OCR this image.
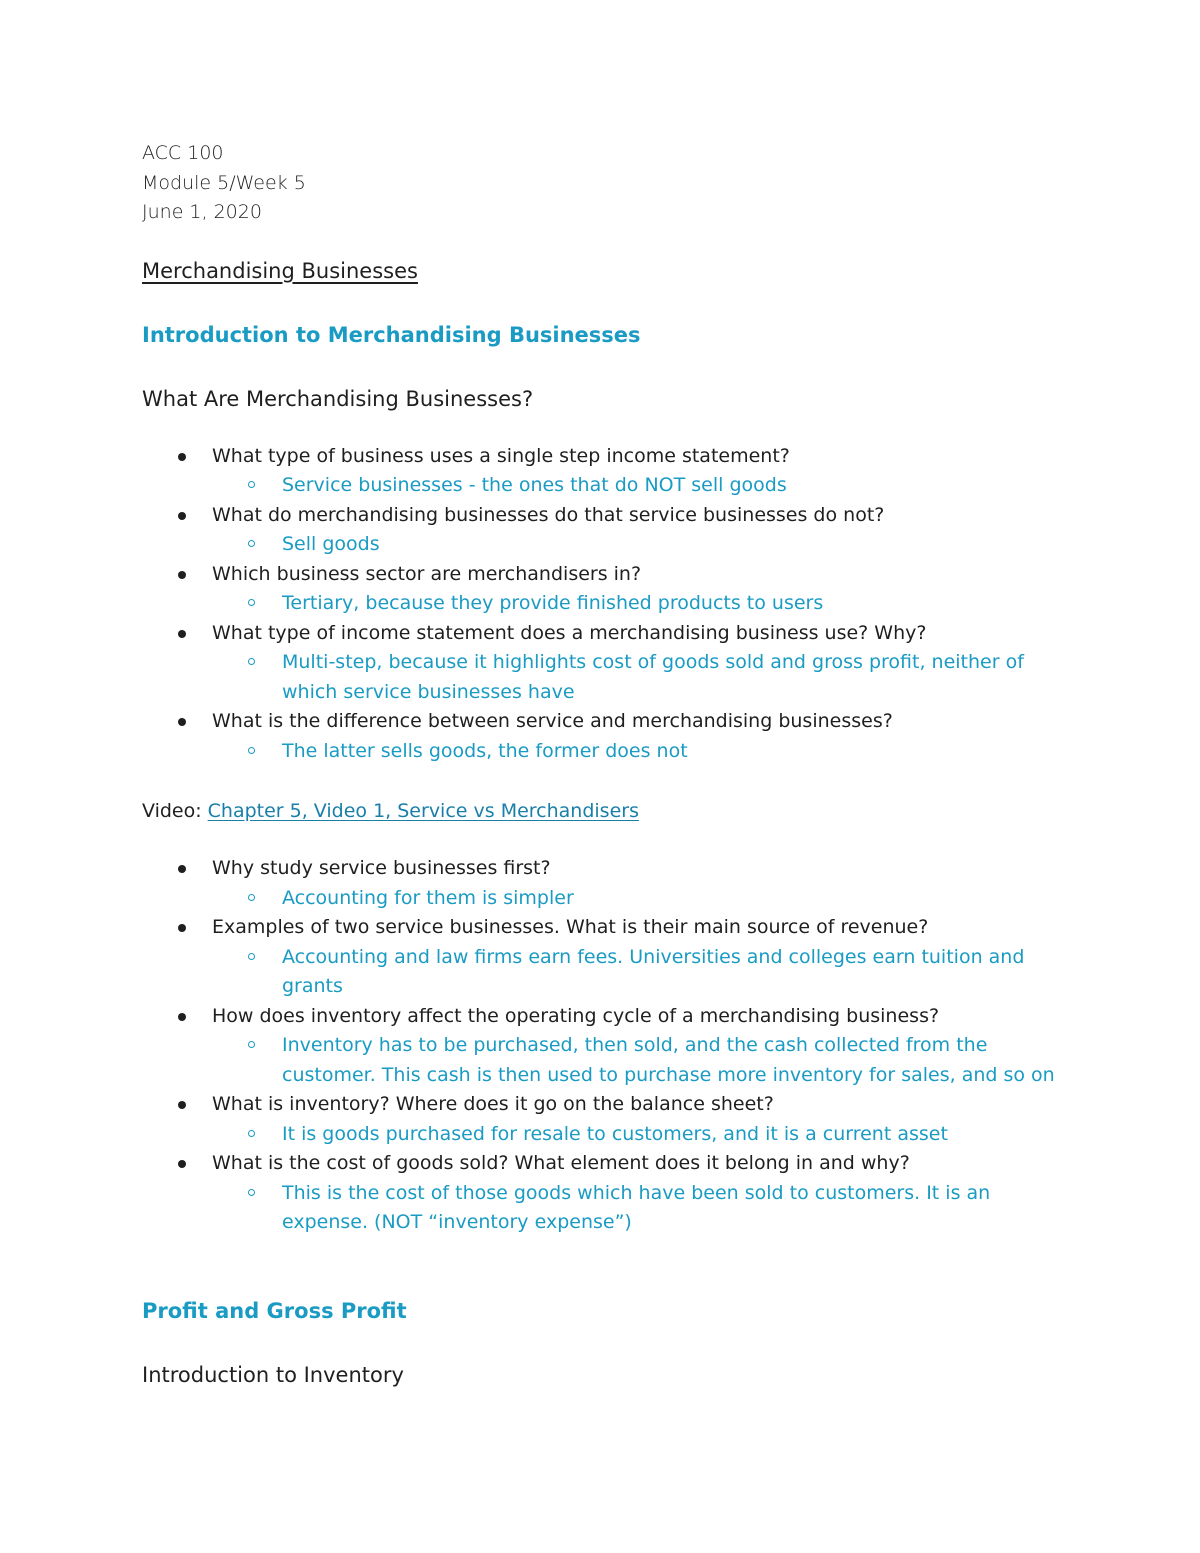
ACC 100

Module 5/Week 5

June 1, 2020

Merchandising Businesses
Introduction to Merchandising Businesses
What Are Merchandising Businesses?
What type of business uses a single step income statement?
Service businesses - the ones that do NOT sell goods
What do merchandising businesses do that service businesses do not?
Sell goods
Which business sector are merchandisers in?
Tertiary, because they provide finished products to users
What type of income statement does a merchandising business use? Why?
Multi-step, because it highlights cost of goods sold and gross profit, neither of which service businesses have
What is the difference between service and merchandising businesses?
The latter sells goods, the former does not

Video: Chapter 5, Video 1, Service vs Merchandisers

Why study service businesses first?
Accounting for them is simpler
Examples of two service businesses. What is their main source of revenue?
Accounting and law firms earn fees. Universities and colleges earn tuition and grants
How does inventory affect the operating cycle of a merchandising business?
Inventory has to be purchased, then sold, and the cash collected from the customer. This cash is then used to purchase more inventory for sales, and so on
What is inventory? Where does it go on the balance sheet?
It is goods purchased for resale to customers, and it is a current asset
What is the cost of goods sold? What element does it belong in and why?
This is the cost of those goods which have been sold to customers. It is an expense. (NOT “inventory expense”)
Profit and Gross Profit
Introduction to Inventory
